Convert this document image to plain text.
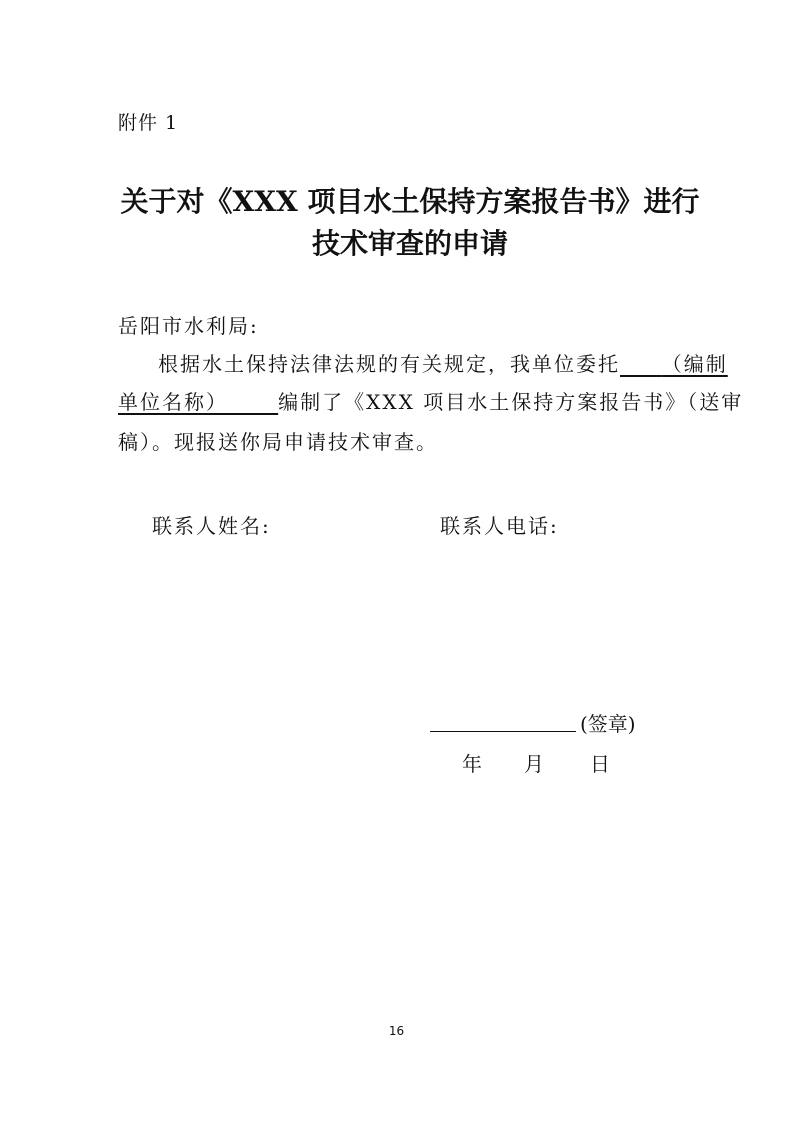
附件 1
关于对《XXX 项目水土保持方案报告书》进行
技术审查的申请
岳阳市水利局:
根据水土保持法律法规的有关规定，我单位委托 （编制
单位名称）	编制了《XXX 项目水土保持方案报告书》（送审
稿）。现报送你局申请技术审查。
联系人姓名:	联系人电话:
(签章)
年 月 日
16
